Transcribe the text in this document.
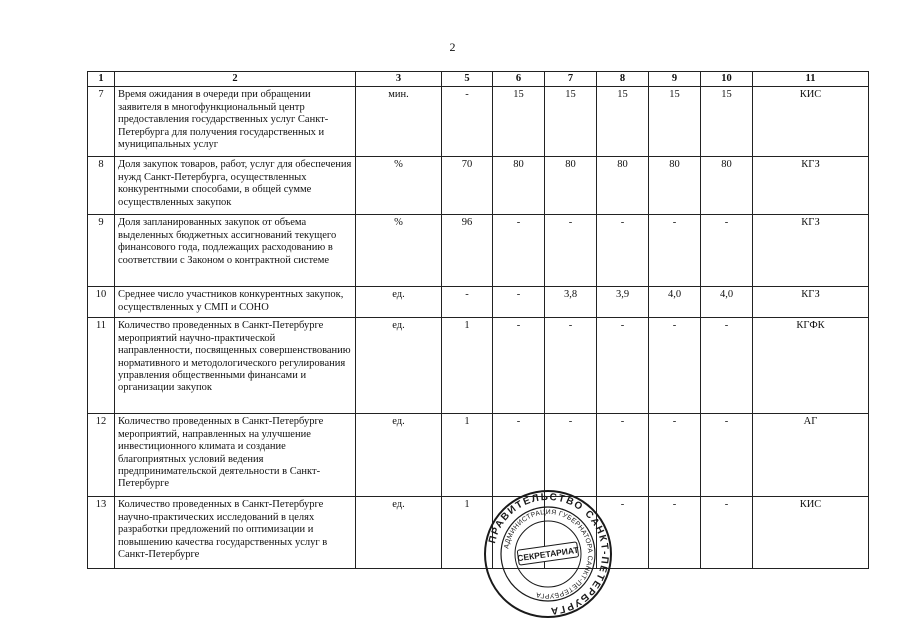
2
1	2	3	5	6	7	8	9	10	11
7	Время ожидания в очереди при обращении заявителя в многофункциональный центр предоставления государственных услуг Санкт-Петербурга для получения государственных и муниципальных услуг	мин.	-	15	15	15	15	15	КИС
8	Доля закупок товаров, работ, услуг для обеспечения нужд Санкт-Петербурга, осуществленных конкурентными способами, в общей сумме осуществленных закупок	%	70	80	80	80	80	80	КГЗ
9	Доля запланированных закупок от объема выделенных бюджетных ассигнований текущего финансового года, подлежащих расходованию в соответствии с Законом о контрактной системе	%	96	-	-	-	-	-	КГЗ
10	Среднее число участников конкурентных закупок, осуществленных у СМП и СОНО	ед.	-	-	3,8	3,9	4,0	4,0	КГЗ
11	Количество проведенных в Санкт-Петербурге мероприятий научно-практической направленности, посвященных совершенствованию нормативного и методологического регулирования управления общественными финансами и организации закупок	ед.	1	-	-	-	-	-	КГФК
12	Количество проведенных в Санкт-Петербурге мероприятий, направленных на улучшение инвестиционного климата и создание благоприятных условий ведения предпринимательской деятельности в Санкт-Петербурге	ед.	1	-	-	-	-	-	АГ
13	Количество проведенных в Санкт-Петербурге научно-практических исследований в целях разработки предложений по оптимизации и повышению качества государственных услуг в Санкт-Петербурге	ед.	1			-	-	-	КИС
ПРАВИТЕЛЬСТВО САНКТ-ПЕТЕРБУРГА
АДМИНИСТРАЦИЯ ГУБЕРНАТОРА САНКТ-ПЕТЕРБУРГА
СЕКРЕТАРИАТ
